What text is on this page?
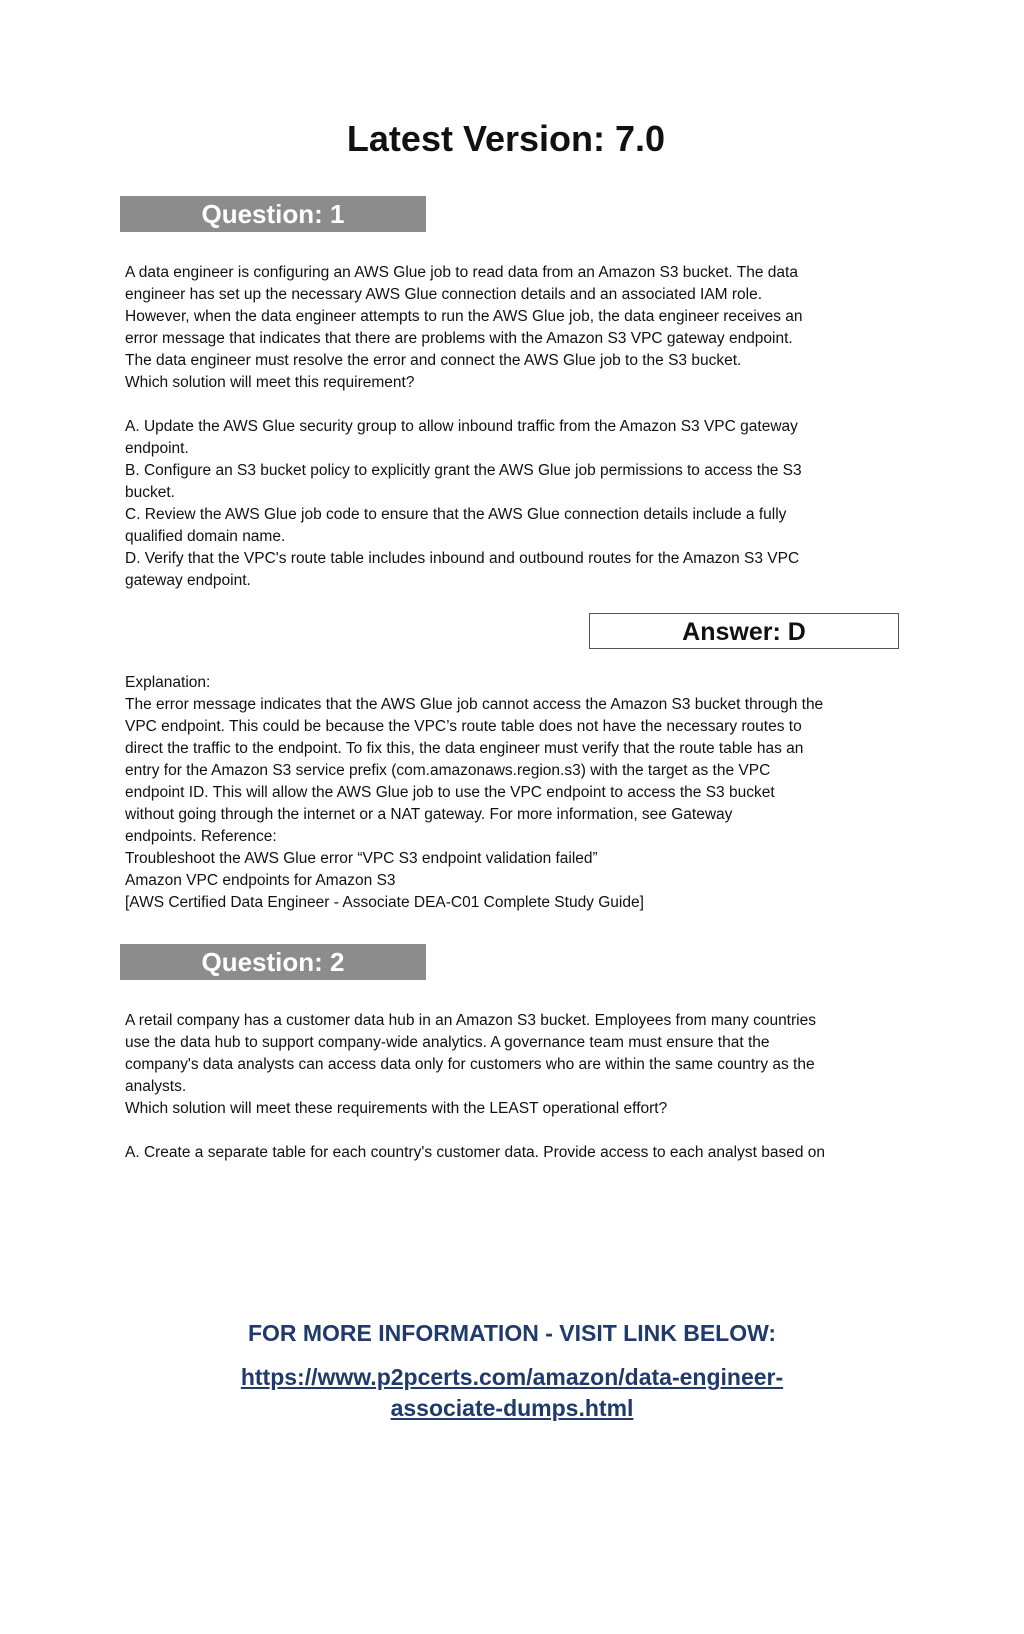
Latest Version: 7.0
Question: 1

A data engineer is configuring an AWS Glue job to read data from an Amazon S3 bucket. The data

engineer has set up the necessary AWS Glue connection details and an associated IAM role.

However, when the data engineer attempts to run the AWS Glue job, the data engineer receives an

error message that indicates that there are problems with the Amazon S3 VPC gateway endpoint.

The data engineer must resolve the error and connect the AWS Glue job to the S3 bucket.

Which solution will meet this requirement?

A. Update the AWS Glue security group to allow inbound traffic from the Amazon S3 VPC gateway

endpoint.

B. Configure an S3 bucket policy to explicitly grant the AWS Glue job permissions to access the S3

bucket.

C. Review the AWS Glue job code to ensure that the AWS Glue connection details include a fully

qualified domain name.

D. Verify that the VPC's route table includes inbound and outbound routes for the Amazon S3 VPC

gateway endpoint.

Answer: D

Explanation:

The error message indicates that the AWS Glue job cannot access the Amazon S3 bucket through the

VPC endpoint. This could be because the VPC’s route table does not have the necessary routes to

direct the traffic to the endpoint. To fix this, the data engineer must verify that the route table has an

entry for the Amazon S3 service prefix (com.amazonaws.region.s3) with the target as the VPC

endpoint ID. This will allow the AWS Glue job to use the VPC endpoint to access the S3 bucket

without going through the internet or a NAT gateway. For more information, see Gateway

endpoints. Reference:

Troubleshoot the AWS Glue error “VPC S3 endpoint validation failed”

Amazon VPC endpoints for Amazon S3

[AWS Certified Data Engineer - Associate DEA-C01 Complete Study Guide]

Question: 2

A retail company has a customer data hub in an Amazon S3 bucket. Employees from many countries

use the data hub to support company-wide analytics. A governance team must ensure that the

company's data analysts can access data only for customers who are within the same country as the

analysts.

Which solution will meet these requirements with the LEAST operational effort?

A. Create a separate table for each country's customer data. Provide access to each analyst based on

FOR MORE INFORMATION - VISIT LINK BELOW:

https://www.p2pcerts.com/amazon/data-engineer-
associate-dumps.html
